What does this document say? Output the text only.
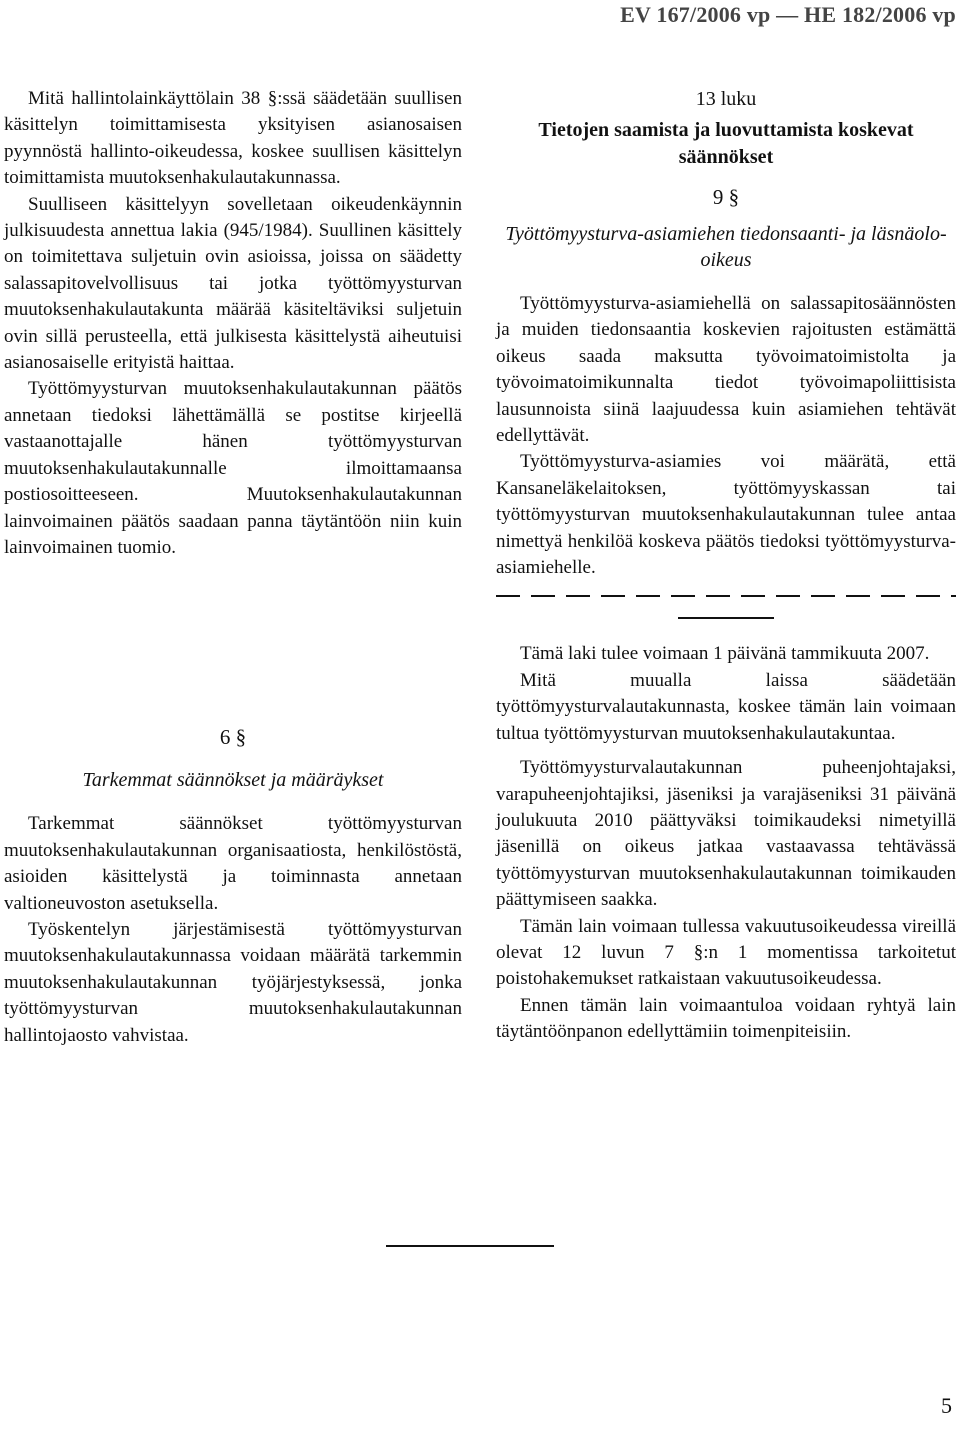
EV 167/2006 vp — HE 182/2006 vp

Mitä hallintolainkäyttölain 38 §:ssä säädetään suullisen käsittelyn toimittamisesta yksityisen asianosaisen pyynnöstä hallinto-oikeudessa, koskee suullisen käsittelyn toimittamista muutoksenhakulautakunnassa.

Suulliseen käsittelyyn sovelletaan oikeudenkäynnin julkisuudesta annettua lakia (945/1984). Suullinen käsittely on toimitettava suljetuin ovin asioissa, joissa on säädetty salassapitovelvollisuus tai jotka työttömyysturvan muutoksenhakulautakunta määrää käsiteltäviksi suljetuin ovin sillä perusteella, että julkisesta käsittelystä aiheutuisi asianosaiselle erityistä haittaa.

Työttömyysturvan muutoksenhakulautakunnan päätös annetaan tiedoksi lähettämällä se postitse kirjeellä vastaanottajalle hänen työttömyysturvan muutoksenhakulautakunnalle ilmoittamaansa postiosoitteeseen. Muutoksenhakulautakunnan lainvoimainen päätös saadaan panna täytäntöön niin kuin lainvoimainen tuomio.

6 §
Tarkemmat säännökset ja määräykset

Tarkemmat säännökset työttömyysturvan muutoksenhakulautakunnan organisaatiosta, henkilöstöstä, asioiden käsittelystä ja toiminnasta annetaan valtioneuvoston asetuksella.

Työskentelyn järjestämisestä työttömyysturvan muutoksenhakulautakunnassa voidaan määrätä tarkemmin muutoksenhakulautakunnan työjärjestyksessä, jonka työttömyysturvan muutoksenhakulautakunnan hallintojaosto vahvistaa.

13 luku
Tietojen saamista ja luovuttamista koskevat säännökset
9 §
Työttömyysturva-asiamiehen tiedonsaanti- ja läsnäolo-oikeus

Työttömyysturva-asiamiehellä on salassapitosäännösten ja muiden tiedonsaantia koskevien rajoitusten estämättä oikeus saada maksutta työvoimatoimistolta ja työvoimatoimikunnalta tiedot työvoimapoliittisista lausunnoista siinä laajuudessa kuin asiamiehen tehtävät edellyttävät.

Työttömyysturva-asiamies voi määrätä, että Kansaneläkelaitoksen, työttömyyskassan tai työttömyysturvan muutoksenhakulautakunnan tulee antaa nimettyä henkilöä koskeva päätös tiedoksi työttömyysturva-asiamiehelle.

Tämä laki tulee voimaan 1 päivänä tammikuuta 2007.

Mitä muualla laissa säädetään työttömyysturvalautakunnasta, koskee tämän lain voimaan tultua työttömyysturvan muutoksenhakulautakuntaa.

Työttömyysturvalautakunnan puheenjohtajaksi, varapuheenjohtajiksi, jäseniksi ja varajäseniksi 31 päivänä joulukuuta 2010 päättyväksi toimikaudeksi nimetyillä jäsenillä on oikeus jatkaa vastaavassa tehtävässä työttömyysturvan muutoksenhakulautakunnan toimikauden päättymiseen saakka.

Tämän lain voimaan tullessa vakuutusoikeudessa vireillä olevat 12 luvun 7 §:n 1 momentissa tarkoitetut poistohakemukset ratkaistaan vakuutusoikeudessa.

Ennen tämän lain voimaantuloa voidaan ryhtyä lain täytäntöönpanon edellyttämiin toimenpiteisiin.

5
